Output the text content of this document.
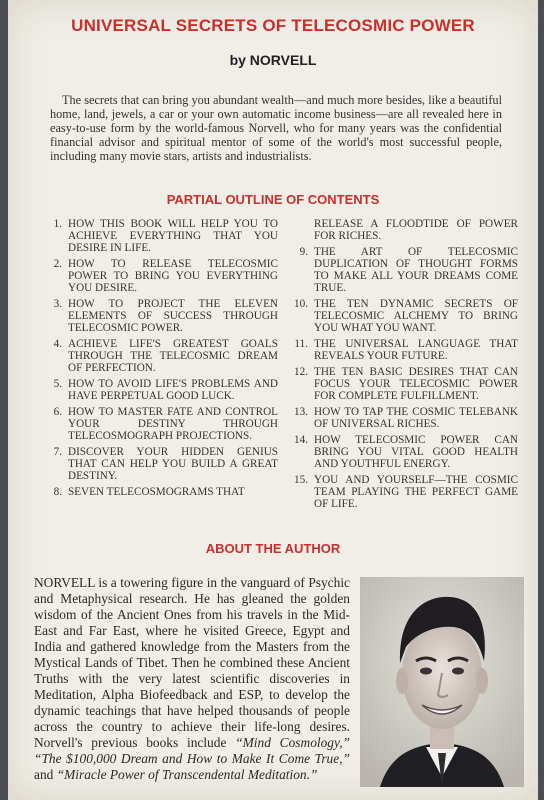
UNIVERSAL SECRETS OF TELECOSMIC POWER
by NORVELL

The secrets that can bring you abundant wealth—and much more besides, like a beautiful home, land, jewels, a car or your own automatic income business—are all revealed here in easy-to-use form by the world-famous Norvell, who for many years was the confidential financial advisor and spiritual mentor of some of the world's most successful people, including many movie stars, artists and industrialists.

PARTIAL OUTLINE OF CONTENTS
1. HOW THIS BOOK WILL HELP YOU TO ACHIEVE EVERYTHING THAT YOU DESIRE IN LIFE.
2. HOW TO RELEASE TELECOSMIC POWER TO BRING YOU EVERYTHING YOU DESIRE.
3. HOW TO PROJECT THE ELEVEN ELEMENTS OF SUCCESS THROUGH TELECOSMIC POWER.
4. ACHIEVE LIFE'S GREATEST GOALS THROUGH THE TELECOSMIC DREAM OF PERFECTION.
5. HOW TO AVOID LIFE'S PROBLEMS AND HAVE PERPETUAL GOOD LUCK.
6. HOW TO MASTER FATE AND CONTROL YOUR DESTINY THROUGH TELECOSMOGRAPH PROJECTIONS.
7. DISCOVER YOUR HIDDEN GENIUS THAT CAN HELP YOU BUILD A GREAT DESTINY.
8. SEVEN TELECOSMOGRAMS THAT
RELEASE A FLOODTIDE OF POWER FOR RICHES.
9. THE ART OF TELECOSMIC DUPLICATION OF THOUGHT FORMS TO MAKE ALL YOUR DREAMS COME TRUE.
10. THE TEN DYNAMIC SECRETS OF TELECOSMIC ALCHEMY TO BRING YOU WHAT YOU WANT.
11. THE UNIVERSAL LANGUAGE THAT REVEALS YOUR FUTURE.
12. THE TEN BASIC DESIRES THAT CAN FOCUS YOUR TELECOSMIC POWER FOR COMPLETE FULFILLMENT.
13. HOW TO TAP THE COSMIC TELEBANK OF UNIVERSAL RICHES.
14. HOW TELECOSMIC POWER CAN BRING YOU VITAL GOOD HEALTH AND YOUTHFUL ENERGY.
15. YOU AND YOURSELF—THE COSMIC TEAM PLAYING THE PERFECT GAME OF LIFE.
ABOUT THE AUTHOR

NORVELL is a towering figure in the vanguard of Psychic and Metaphysical research. He has gleaned the golden wisdom of the Ancient Ones from his travels in the Mid-East and Far East, where he visited Greece, Egypt and India and gathered knowledge from the Masters from the Mystical Lands of Tibet. Then he combined these Ancient Truths with the very latest scientific discoveries in Meditation, Alpha Biofeedback and ESP, to develop the dynamic teachings that have helped thousands of people across the country to achieve their life-long desires. Norvell's previous books include “Mind Cosmology,” “The $100,000 Dream and How to Make It Come True,” and “Miracle Power of Transcendental Meditation.”
